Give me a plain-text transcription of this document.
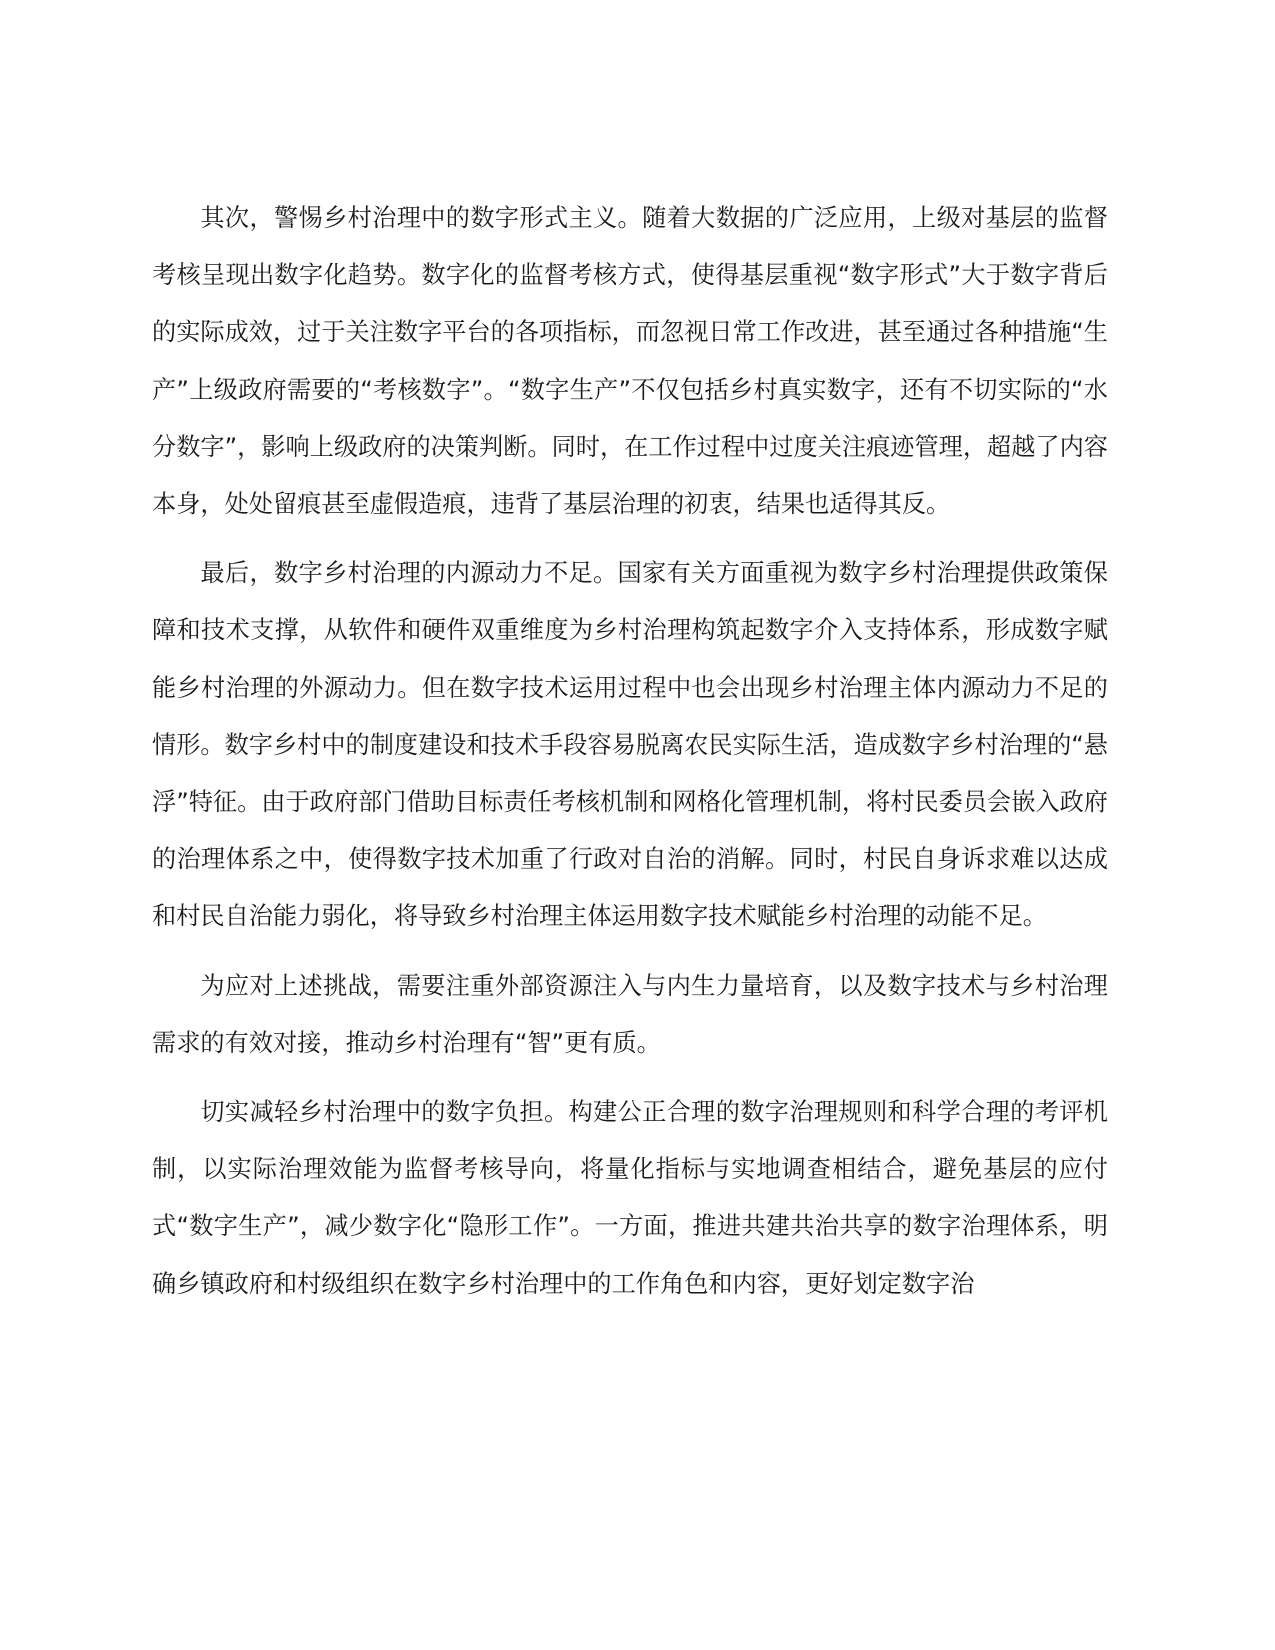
其次，警惕乡村治理中的数字形式主义。随着大数据的广泛应用，上级对基层的监督考核呈现出数字化趋势。数字化的监督考核方式，使得基层重视“数字形式”大于数字背后的实际成效，过于关注数字平台的各项指标，而忽视日常工作改进，甚至通过各种措施“生产”上级政府需要的“考核数字”。“数字生产”不仅包括乡村真实数字，还有不切实际的“水分数字”，影响上级政府的决策判断。同时，在工作过程中过度关注痕迹管理，超越了内容本身，处处留痕甚至虚假造痕，违背了基层治理的初衷，结果也适得其反。

最后，数字乡村治理的内源动力不足。国家有关方面重视为数字乡村治理提供政策保障和技术支撑，从软件和硬件双重维度为乡村治理构筑起数字介入支持体系，形成数字赋能乡村治理的外源动力。但在数字技术运用过程中也会出现乡村治理主体内源动力不足的情形。数字乡村中的制度建设和技术手段容易脱离农民实际生活，造成数字乡村治理的“悬浮”特征。由于政府部门借助目标责任考核机制和网格化管理机制，将村民委员会嵌入政府的治理体系之中，使得数字技术加重了行政对自治的消解。同时，村民自身诉求难以达成和村民自治能力弱化，将导致乡村治理主体运用数字技术赋能乡村治理的动能不足。

为应对上述挑战，需要注重外部资源注入与内生力量培育，以及数字技术与乡村治理需求的有效对接，推动乡村治理有“智”更有质。

切实减轻乡村治理中的数字负担。构建公正合理的数字治理规则和科学合理的考评机制，以实际治理效能为监督考核导向，将量化指标与实地调查相结合，避免基层的应付式“数字生产”，减少数字化“隐形工作”。一方面，推进共建共治共享的数字治理体系，明确乡镇政府和村级组织在数字乡村治理中的工作角色和内容，更好划定数字治
